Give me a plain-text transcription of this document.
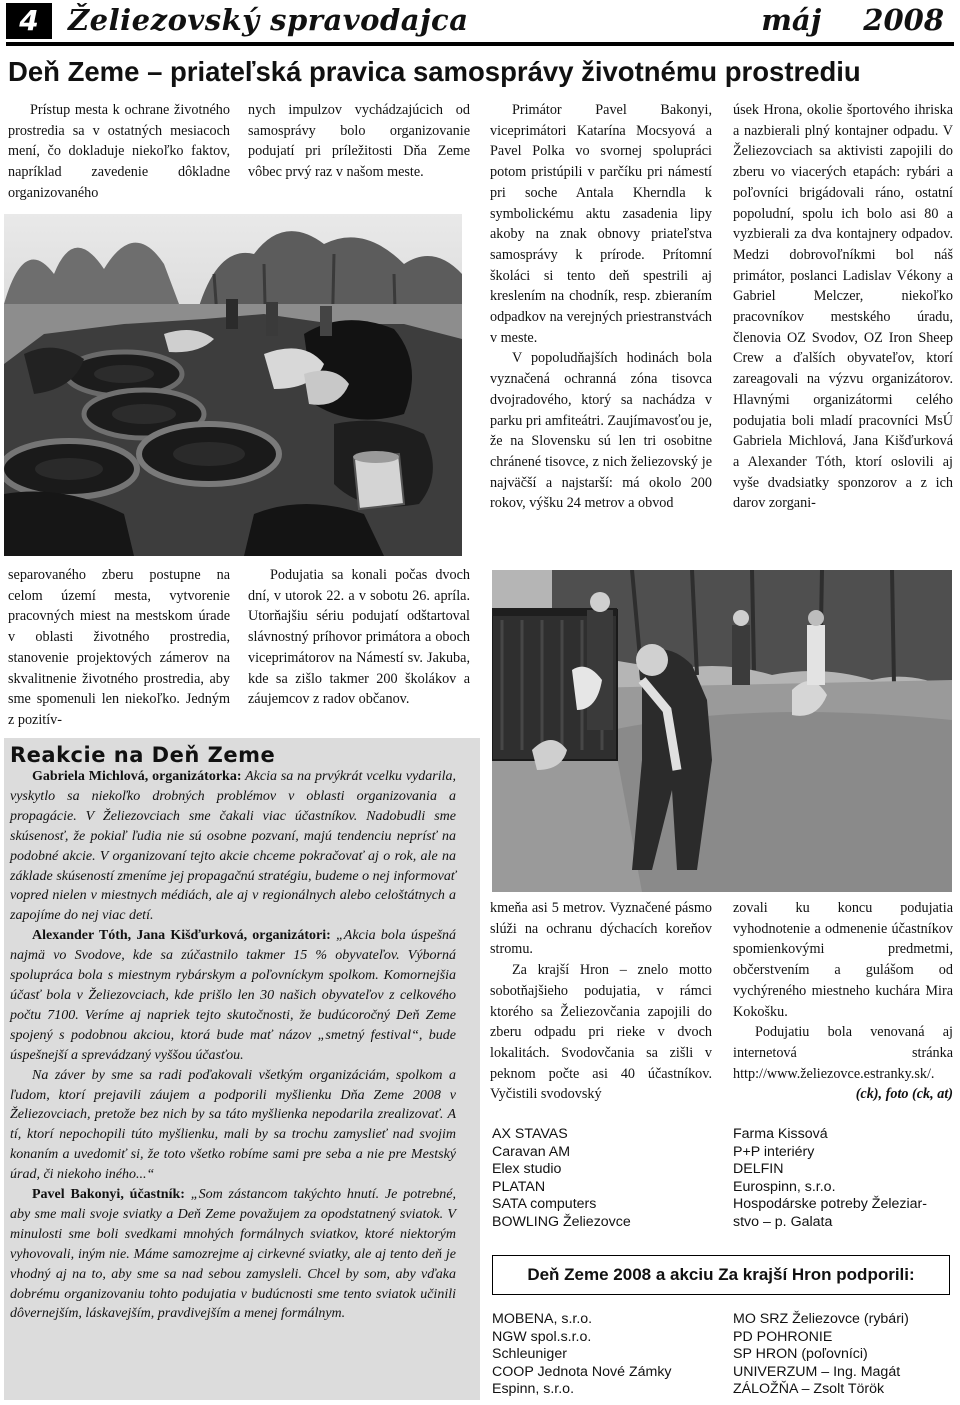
4	Želiezovský spravodajca	máj 2008
Deň Zeme – priateľská pravica samosprávy životnému prostrediu

Prístup mesta k ochrane životného prostredia sa v ostatných mesiacoch mení, čo dokladuje niekoľko faktov, napríklad zavedenie dôkladne organizovaného

nych impulzov vychádzajúcich od samosprávy bolo organizovanie podujatí pri príležitosti Dňa Zeme vôbec prvý raz v našom meste.

separovaného zberu postupne na celom území mesta, vytvorenie pracovných miest na mestskom úrade v oblasti životného prostredia, stanovenie projektových zámerov na skvalitnenie životného prostredia, aby sme spomenuli len niekoľko. Jedným z pozitív-

Podujatia sa konali počas dvoch dní, v utorok 22. a v sobotu 26. apríla. Utorňajšiu sériu podujatí odštartoval slávnostný príhovor primátora a oboch viceprimátorov na Námestí sv. Jakuba, kde sa zišlo takmer 200 školákov a záujemcov z radov občanov.

Reakcie na Deň Zeme

Gabriela Michlová, organizátorka: Akcia sa na prvýkrát vcelku vydarila, vyskytlo sa niekoľko drobných problémov v oblasti organizovania a propagácie. V Želiezovciach sme čakali viac účastníkov. Nadobudli sme skúsenosť, že pokiaľ ľudia nie sú osobne pozvaní, majú tendenciu neprísť na podobné akcie. V organizovaní tejto akcie chceme pokračovať aj o rok, ale na základe skúseností zmeníme jej propagačnú stratégiu, budeme o nej informovať vopred nielen v miestnych médiách, ale aj v regionálnych alebo celoštátnych a zapojíme do nej viac detí.

Alexander Tóth, Jana Kišďurková, organizátori: „Akcia bola úspešná najmä vo Svodove, kde sa zúčastnilo takmer 15 % obyvateľov. Výborná spolupráca bola s miestnym rybárskym a poľovníckym spolkom. Komornejšia účasť bola v Želiezovciach, kde prišlo len 30 našich obyvateľov z celkového počtu 7100. Veríme aj napriek tejto skutočnosti, že budúcoročný Deň Zeme spojený s podobnou akciou, ktorá bude mať názov „smetný festival“, bude úspešnejší a sprevádzaný vyššou účasťou.

Na záver by sme sa radi poďakovali všetkým organizáciám, spolkom a ľudom, ktorí prejavili záujem a podporili myšlienku Dňa Zeme 2008 v Želiezovciach, pretože bez nich by sa táto myšlienka nepodarila zrealizovať. A tí, ktorí nepochopili túto myšlienku, mali by sa trochu zamyslieť nad svojim konaním a uvedomiť si, že toto všetko robíme sami pre seba a nie pre Mestský úrad, či niekoho iného...“

Pavel Bakonyi, účastník: „Som zástancom takýchto hnutí. Je potrebné, aby sme mali svoje sviatky a Deň Zeme považujem za opodstatnený sviatok. V minulosti sme boli svedkami mnohých formálnych sviatkov, ktoré niektorým vyhovovali, iným nie. Máme samozrejme aj cirkevné sviatky, ale aj tento deň je vhodný aj na to, aby sme sa nad sebou zamysleli. Chcel by som, aby vďaka dobrému organizovaniu tohto podujatia v budúcnosti sme tento sviatok učinili dôvernejším, láskavejším, pravdivejším a menej formálnym.

Primátor Pavel Bakonyi, viceprimátori Katarína Mocsyová a Pavel Polka vo svornej spolupráci potom pristúpili v parčíku pri námestí pri soche Antala Kherndla k symbolickému aktu zasadenia lipy akoby na znak obnovy priateľstva samosprávy k prírode. Prítomní školáci si tento deň spestrili aj kreslením na chodník, resp. zbieraním odpadkov na verejných priestranstvách v meste.

V popoludňajších hodinách bola vyznačená ochranná zóna tisovca dvojradového, ktorý sa nachádza v parku pri amfiteátri. Zaujímavosťou je, že na Slovensku sú len tri osobitne chránené tisovce, z nich želiezovský je najväčší a najstarší: má okolo 200 rokov, výšku 24 metrov a obvod

úsek Hrona, okolie športového ihriska a nazbierali plný kontajner odpadu. V Želiezovciach sa aktivisti zapojili do zberu vo viacerých etapách: rybári a poľovníci brigádovali ráno, ostatní popoludní, spolu ich bolo asi 80 a vyzbierali za dva kontajnery odpadov. Medzi dobrovoľníkmi bol náš primátor, poslanci Ladislav Vékony a Gabriel Melczer, niekoľko pracovníkov mestského úradu, členovia OZ Svodov, OZ Iron Sheep Crew a ďalších obyvateľov, ktorí zareagovali na výzvu organizátorov. Hlavnými organizátormi celého podujatia boli mladí pracovníci MsÚ Gabriela Michlová, Jana Kišďurková a Alexander Tóth, ktorí oslovili aj vyše dvadsiatky sponzorov a z ich darov zorgani-

kmeňa asi 5 metrov. Vyznačené pásmo slúži na ochranu dýchacích koreňov stromu.

Za krajší Hron – znelo motto sobotňajšieho podujatia, v rámci ktorého sa Želiezovčania zapojili do zberu odpadu pri rieke v dvoch lokalitách. Svodovčania sa zišli v peknom počte asi 40 účastníkov. Vyčistili svodovský

zovali ku koncu podujatia vyhodnotenie a odmenenie účastníkov spomienkovými predmetmi, občerstvením a gulášom od vychýreného miestneho kuchára Mira Kokošku.

Podujatiu bola venovaná aj internetová stránka http://www.želiezovce.estranky.sk/.

(ck), foto (ck, at)

AX STAVAS
Caravan AM
Elex studio
PLATAN
SATA computers
BOWLING Želiezovce
Farma Kissová
P+P interiéry
DELFIN
Eurospinn, s.r.o.
Hospodárske potreby Železiar-
stvo – p. Galata
Deň Zeme 2008 a akciu Za krajší Hron podporili:
MOBENA, s.r.o.
NGW spol.s.r.o.
Schleuniger
COOP Jednota Nové Zámky
Espinn, s.r.o.
MO SRZ Želiezovce (rybári)
PD POHRONIE
SP HRON (poľovníci)
UNIVERZUM – Ing. Magát
ZÁLOŽŇA – Zsolt Török
